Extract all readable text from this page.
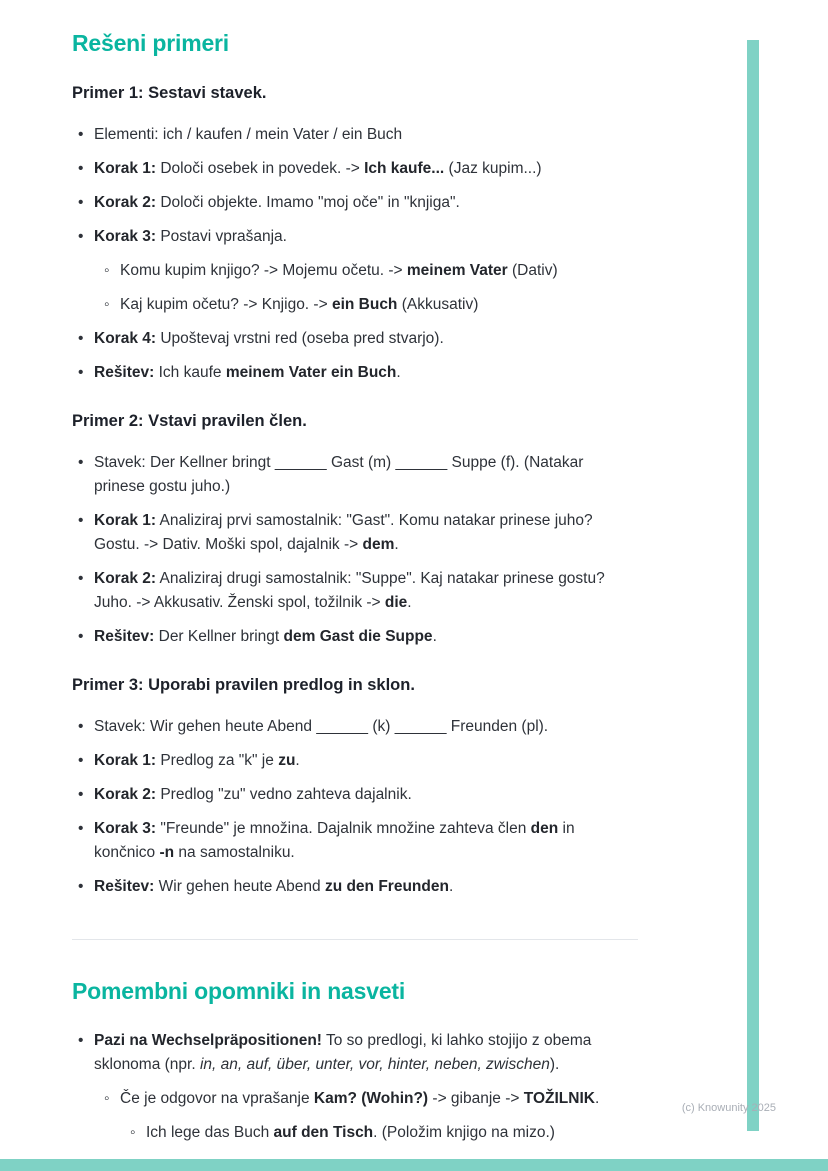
Rešeni primeri
Primer 1: Sestavi stavek.
• Elementi: ich / kaufen / mein Vater / ein Buch
• Korak 1: Določi osebek in povedek. -> Ich kaufe... (Jaz kupim...)
• Korak 2: Določi objekte. Imamo "moj oče" in "knjiga".
• Korak 3: Postavi vprašanja.
◦ Komu kupim knjigo? -> Mojemu očetu. -> meinem Vater (Dativ)
◦ Kaj kupim očetu? -> Knjigo. -> ein Buch (Akkusativ)
• Korak 4: Upoštevaj vrstni red (oseba pred stvarjo).
• Rešitev: Ich kaufe meinem Vater ein Buch.
Primer 2: Vstavi pravilen člen.
• Stavek: Der Kellner bringt ______ Gast (m) ______ Suppe (f). (Natakar prinese gostu juho.)
• Korak 1: Analiziraj prvi samostalnik: "Gast". Komu natakar prinese juho? Gostu. -> Dativ. Moški spol, dajalnik -> dem.
• Korak 2: Analiziraj drugi samostalnik: "Suppe". Kaj natakar prinese gostu? Juho. -> Akkusativ. Ženski spol, tožilnik -> die.
• Rešitev: Der Kellner bringt dem Gast die Suppe.
Primer 3: Uporabi pravilen predlog in sklon.
• Stavek: Wir gehen heute Abend ______ (k) ______ Freunden (pl).
• Korak 1: Predlog za "k" je zu.
• Korak 2: Predlog "zu" vedno zahteva dajalnik.
• Korak 3: "Freunde" je množina. Dajalnik množine zahteva člen den in končnico -n na samostalniku.
• Rešitev: Wir gehen heute Abend zu den Freunden.
Pomembni opomniki in nasveti
• Pazi na Wechselpräpositionen! To so predlogi, ki lahko stojijo z obema sklonoma (npr. in, an, auf, über, unter, vor, hinter, neben, zwischen).
◦ Če je odgovor na vprašanje Kam? (Wohin?) -> gibanje -> TOŽILNIK.
◦ Ich lege das Buch auf den Tisch. (Položim knjigo na mizo.)
(c) Knowunity 2025
